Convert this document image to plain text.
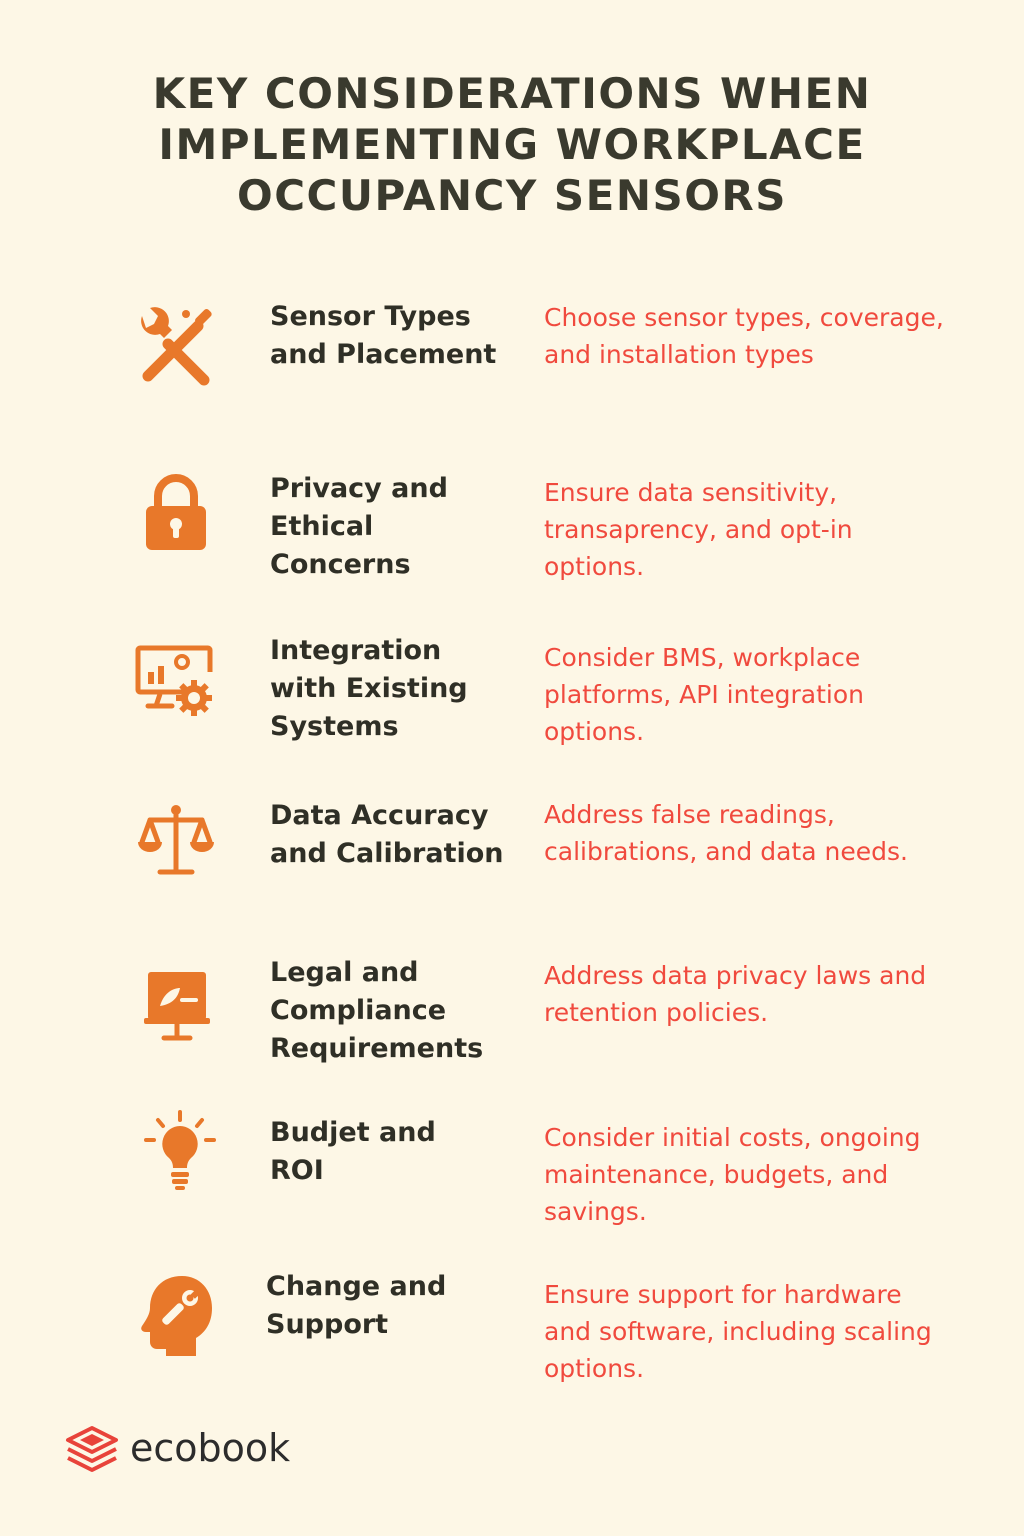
KEY CONSIDERATIONS WHEN
IMPLEMENTING WORKPLACE
OCCUPANCY SENSORS
Sensor Types
and Placement
Choose sensor types, coverage,
and installation types
Privacy and
Ethical
Concerns
Ensure data sensitivity,
transaprency, and opt-in
options.
Integration
with Existing
Systems
Consider BMS, workplace
platforms, API integration
options.
Data Accuracy
and Calibration
Address false readings,
calibrations, and data needs.
Legal and
Compliance
Requirements
Address data privacy laws and
retention policies.
Budjet and
ROI
Consider initial costs, ongoing
maintenance, budgets, and
savings.
Change and
Support
Ensure support for hardware
and software, including scaling
options.
ecobook
